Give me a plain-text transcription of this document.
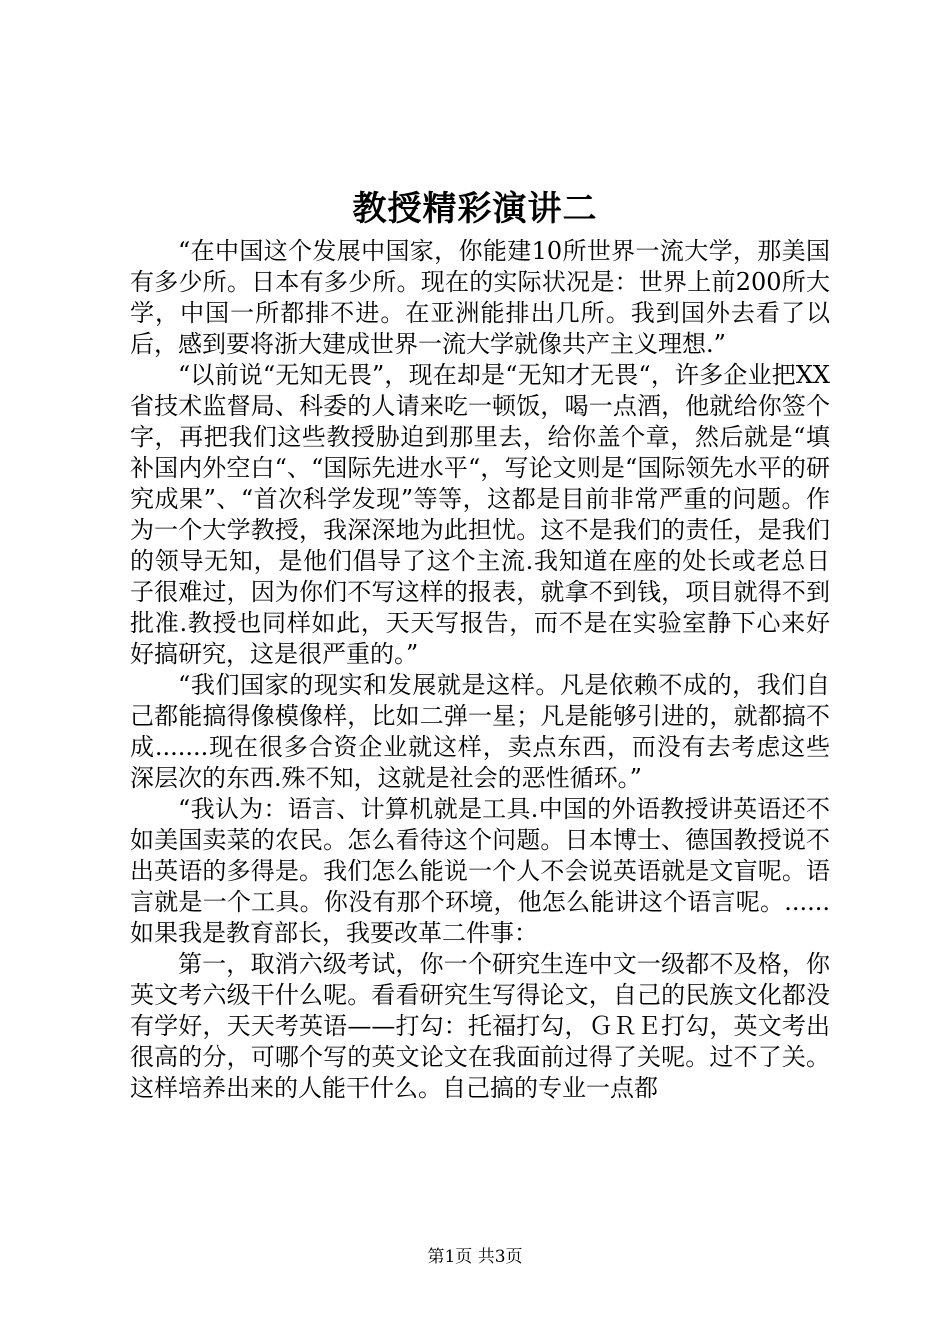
教授精彩演讲二

“在中国这个发展中国家，你能建10所世界一流大学，那美国有多少所。日本有多少所。现在的实际状况是：世界上前200所大学，中国一所都排不进。在亚洲能排出几所。我到国外去看了以后，感到要将浙大建成世界一流大学就像共产主义理想.”

“以前说“无知无畏”，现在却是“无知才无畏“，许多企业把XX省技术监督局、科委的人请来吃一顿饭，喝一点酒，他就给你签个字，再把我们这些教授胁迫到那里去，给你盖个章，然后就是“填补国内外空白“、“国际先进水平“，写论文则是“国际领先水平的研究成果”、“首次科学发现”等等，这都是目前非常严重的问题。作为一个大学教授，我深深地为此担忧。这不是我们的责任，是我们的领导无知，是他们倡导了这个主流.我知道在座的处长或老总日子很难过，因为你们不写这样的报表，就拿不到钱，项目就得不到批准.教授也同样如此，天天写报告，而不是在实验室静下心来好好搞研究，这是很严重的。”

“我们国家的现实和发展就是这样。凡是依赖不成的，我们自己都能搞得像模像样，比如二弹一星；凡是能够引进的，就都搞不成.......现在很多合资企业就这样，卖点东西，而没有去考虑这些深层次的东西.殊不知，这就是社会的恶性循环。”

“我认为：语言、计算机就是工具.中国的外语教授讲英语还不如美国卖菜的农民。怎么看待这个问题。日本博士、德国教授说不出英语的多得是。我们怎么能说一个人不会说英语就是文盲呢。语言就是一个工具。你没有那个环境，他怎么能讲这个语言呢。......如果我是教育部长，我要改革二件事：

第一，取消六级考试，你一个研究生连中文一级都不及格，你英文考六级干什么呢。看看研究生写得论文，自己的民族文化都没有学好，天天考英语——打勾：托福打勾，ＧＲＥ打勾，英文考出很高的分，可哪个写的英文论文在我面前过得了关呢。过不了关。这样培养出来的人能干什么。自己搞的专业一点都

第1页 共3页
